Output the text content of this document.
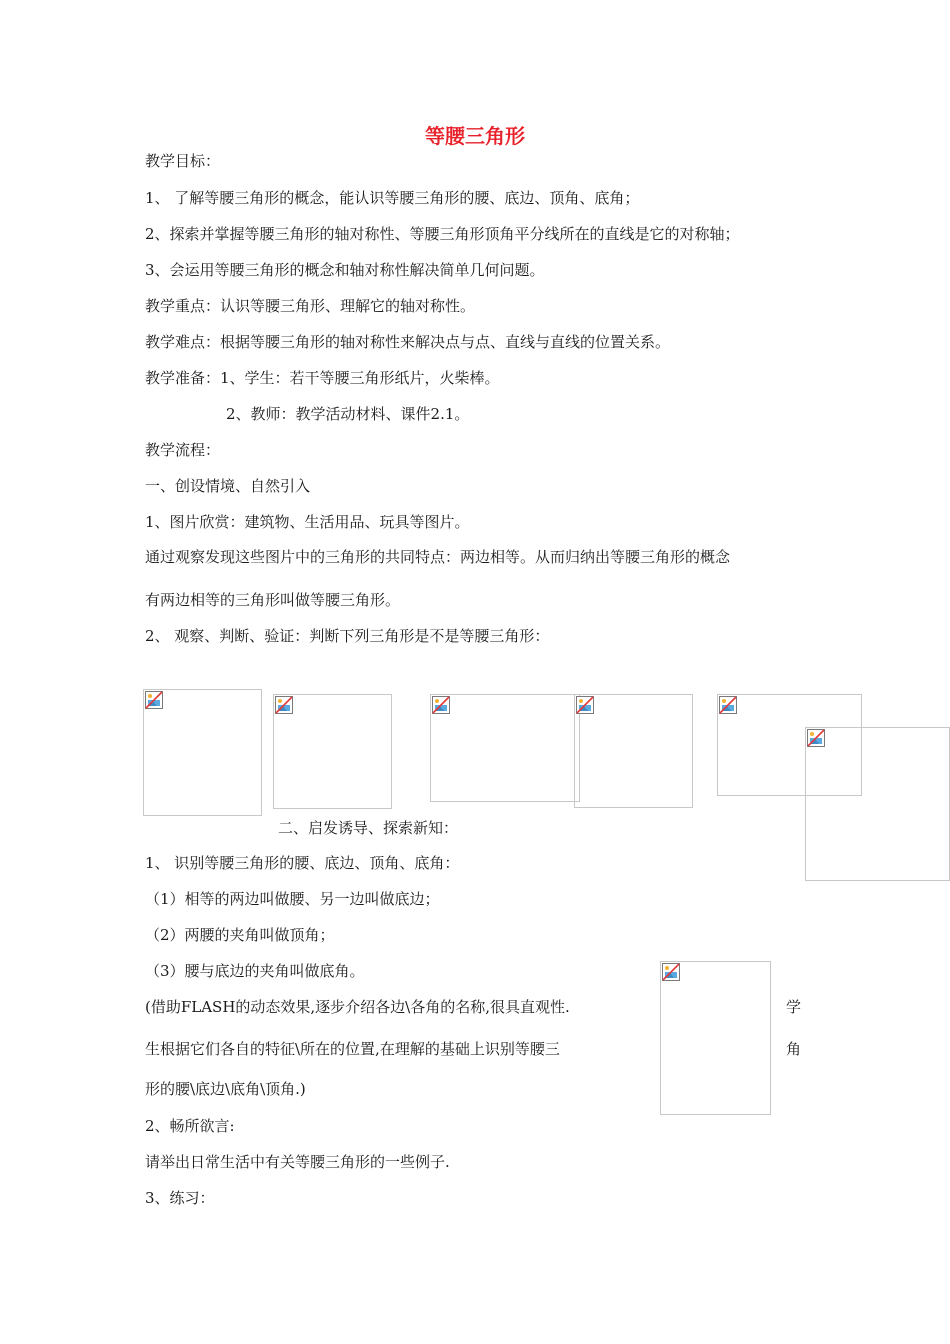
等腰三角形
教学目标：
1、 了解等腰三角形的概念，能认识等腰三角形的腰、底边、顶角、底角；
2、探索并掌握等腰三角形的轴对称性、等腰三角形顶角平分线所在的直线是它的对称轴；
3、会运用等腰三角形的概念和轴对称性解决简单几何问题。
教学重点：认识等腰三角形、理解它的轴对称性。
教学难点：根据等腰三角形的轴对称性来解决点与点、直线与直线的位置关系。
教学准备：1、学生：若干等腰三角形纸片，火柴棒。
2、教师：教学活动材料、课件2.1。
教学流程：
一、创设情境、自然引入
1、图片欣赏：建筑物、生活用品、玩具等图片。
通过观察发现这些图片中的三角形的共同特点：两边相等。从而归纳出等腰三角形的概念
有两边相等的三角形叫做等腰三角形。
2、 观察、判断、验证：判断下列三角形是不是等腰三角形：
二、启发诱导、探索新知：
1、 识别等腰三角形的腰、底边、顶角、底角：
（1）相等的两边叫做腰、另一边叫做底边；
（2）两腰的夹角叫做顶角；
（3）腰与底边的夹角叫做底角。
(借助FLASH的动态效果,逐步介绍各边\各角的名称,很具直观性.
生根据它们各自的特征\所在的位置,在理解的基础上识别等腰三
形的腰\底边\底角\顶角.)
学
角
2、畅所欲言:
请举出日常生活中有关等腰三角形的一些例子.
3、练习：
